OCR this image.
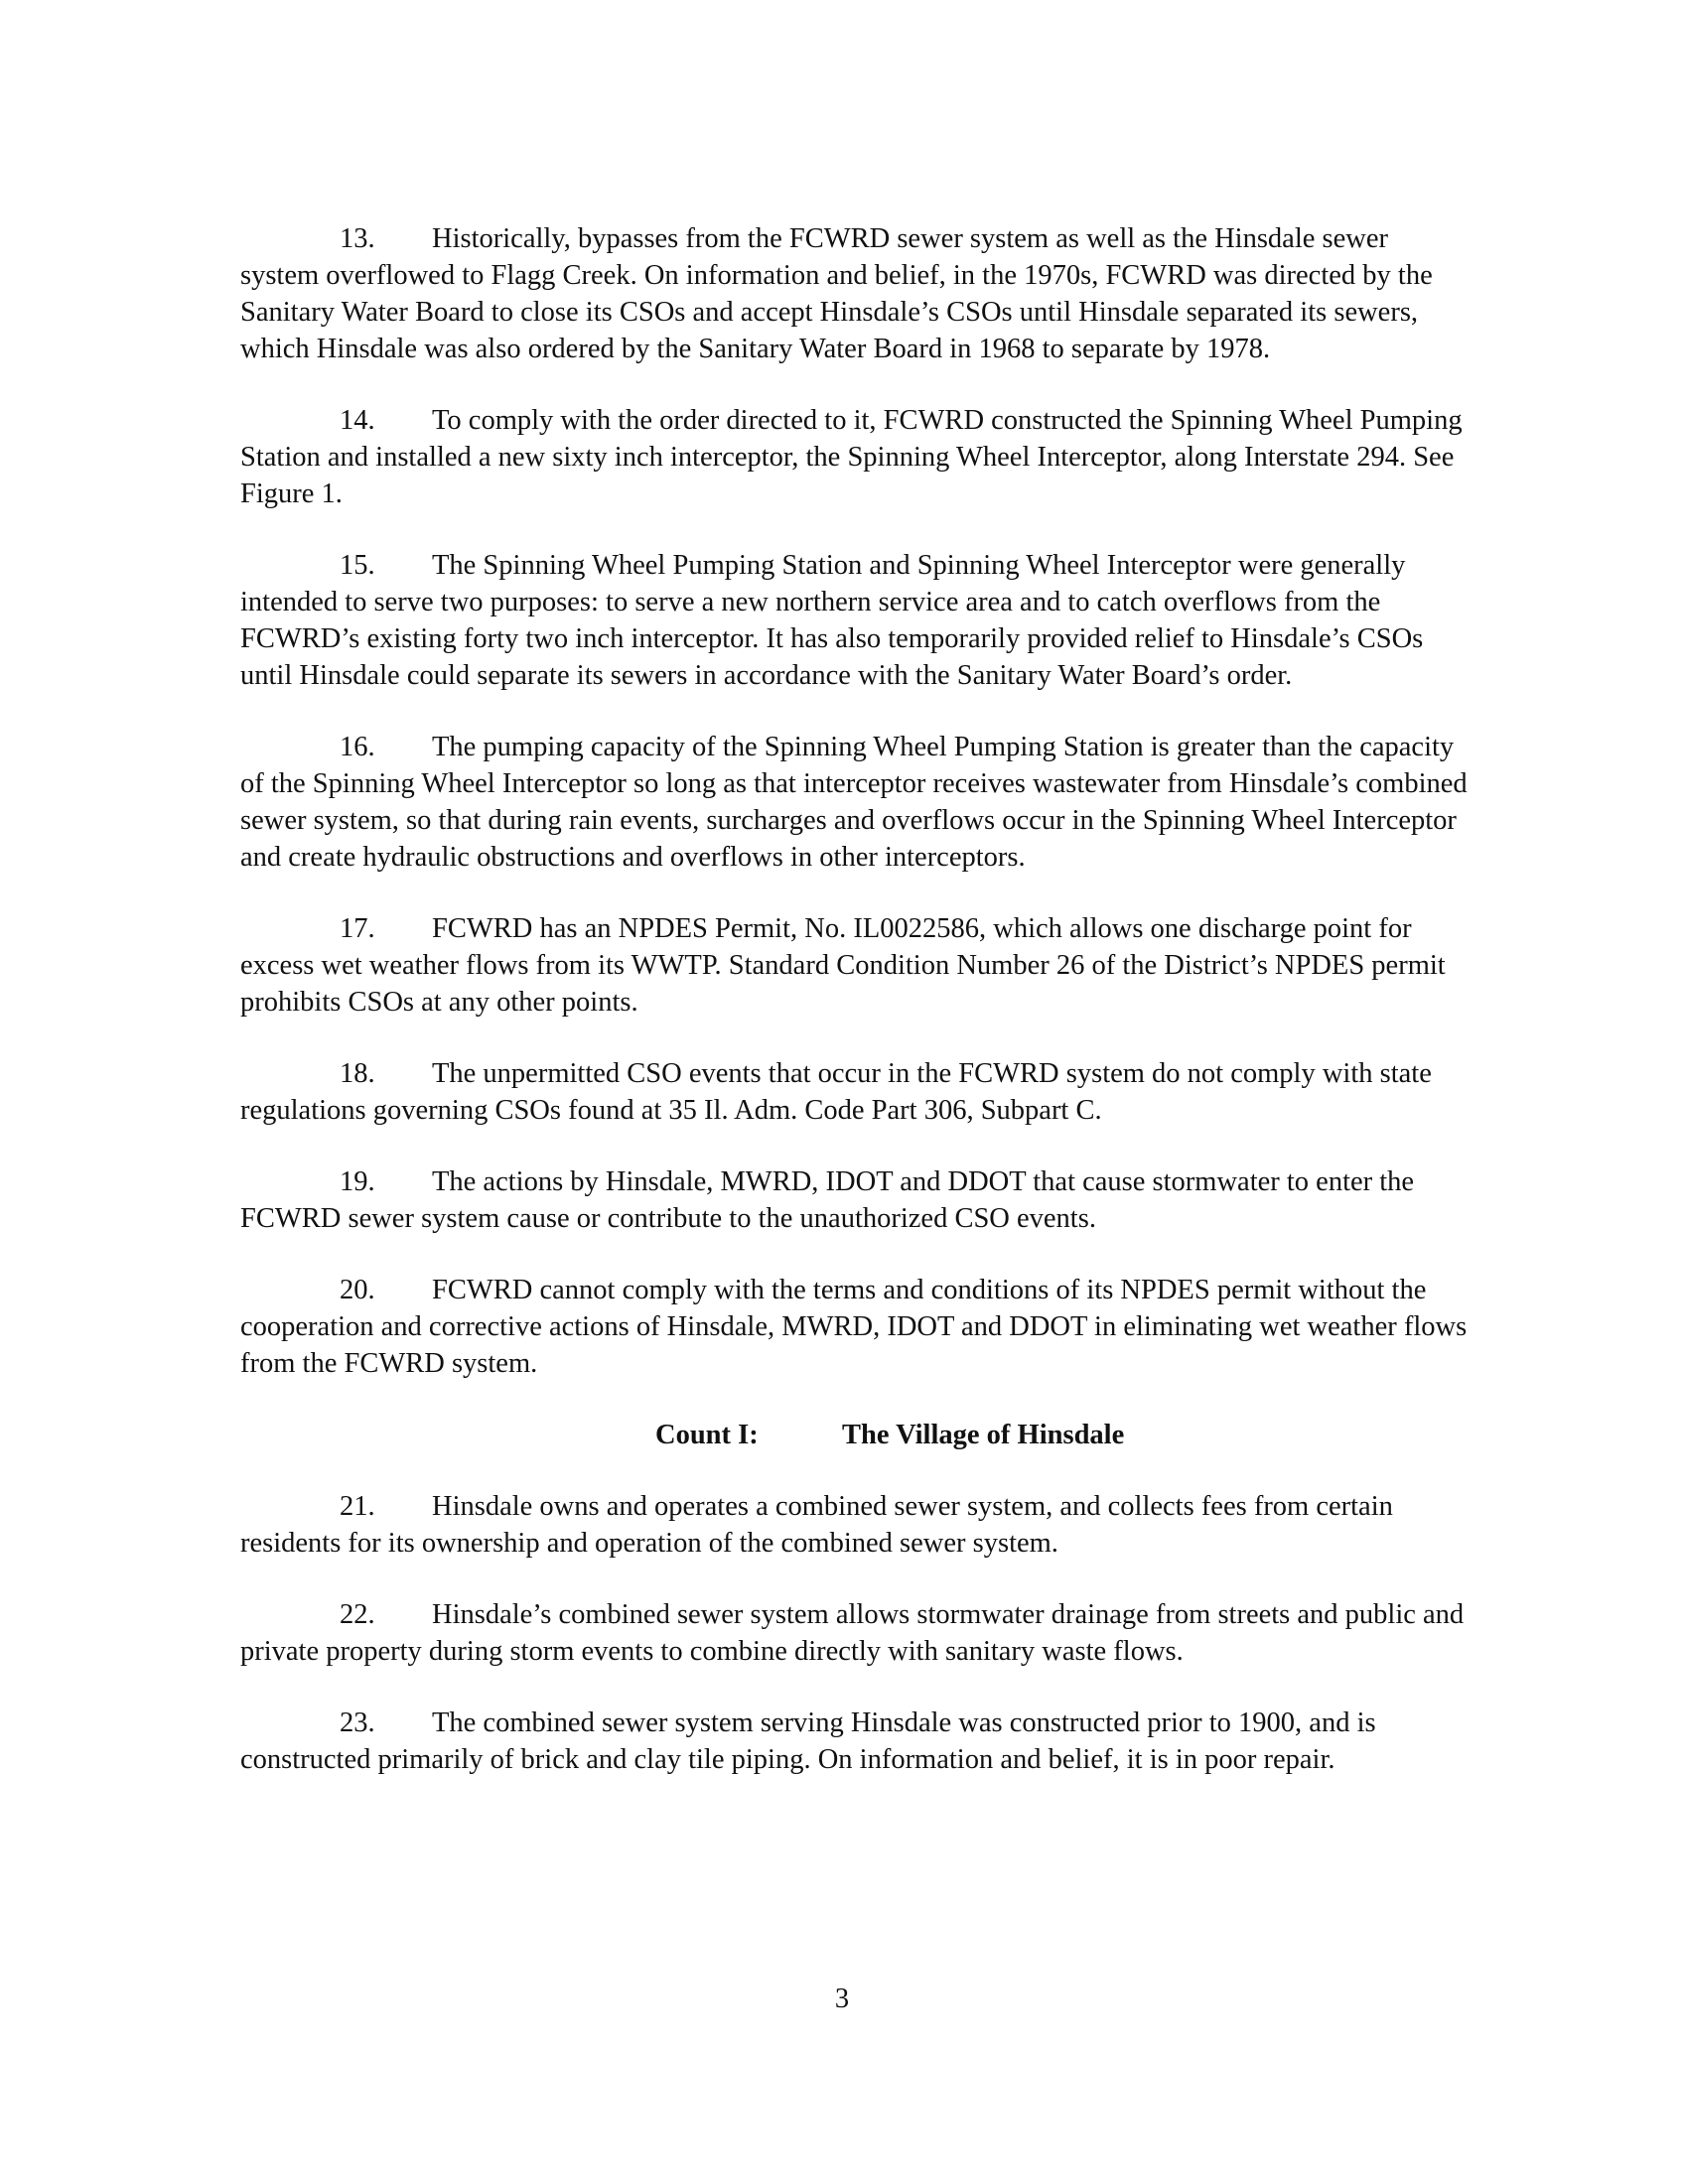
13. Historically, bypasses from the FCWRD sewer system as well as the Hinsdale sewer system overflowed to Flagg Creek. On information and belief, in the 1970s, FCWRD was directed by the Sanitary Water Board to close its CSOs and accept Hinsdale’s CSOs until Hinsdale separated its sewers, which Hinsdale was also ordered by the Sanitary Water Board in 1968 to separate by 1978.

14. To comply with the order directed to it, FCWRD constructed the Spinning Wheel Pumping Station and installed a new sixty inch interceptor, the Spinning Wheel Interceptor, along Interstate 294. See Figure 1.

15. The Spinning Wheel Pumping Station and Spinning Wheel Interceptor were generally intended to serve two purposes: to serve a new northern service area and to catch overflows from the FCWRD’s existing forty two inch interceptor. It has also temporarily provided relief to Hinsdale’s CSOs until Hinsdale could separate its sewers in accordance with the Sanitary Water Board’s order.

16. The pumping capacity of the Spinning Wheel Pumping Station is greater than the capacity of the Spinning Wheel Interceptor so long as that interceptor receives wastewater from Hinsdale’s combined sewer system, so that during rain events, surcharges and overflows occur in the Spinning Wheel Interceptor and create hydraulic obstructions and overflows in other interceptors.

17. FCWRD has an NPDES Permit, No. IL0022586, which allows one discharge point for excess wet weather flows from its WWTP. Standard Condition Number 26 of the District’s NPDES permit prohibits CSOs at any other points.

18. The unpermitted CSO events that occur in the FCWRD system do not comply with state regulations governing CSOs found at 35 Il. Adm. Code Part 306, Subpart C.

19. The actions by Hinsdale, MWRD, IDOT and DDOT that cause stormwater to enter the FCWRD sewer system cause or contribute to the unauthorized CSO events.

20. FCWRD cannot comply with the terms and conditions of its NPDES permit without the cooperation and corrective actions of Hinsdale, MWRD, IDOT and DDOT in eliminating wet weather flows from the FCWRD system.

Count I:	The Village of Hinsdale

21. Hinsdale owns and operates a combined sewer system, and collects fees from certain residents for its ownership and operation of the combined sewer system.

22. Hinsdale’s combined sewer system allows stormwater drainage from streets and public and private property during storm events to combine directly with sanitary waste flows.

23. The combined sewer system serving Hinsdale was constructed prior to 1900, and is constructed primarily of brick and clay tile piping. On information and belief, it is in poor repair.

3
